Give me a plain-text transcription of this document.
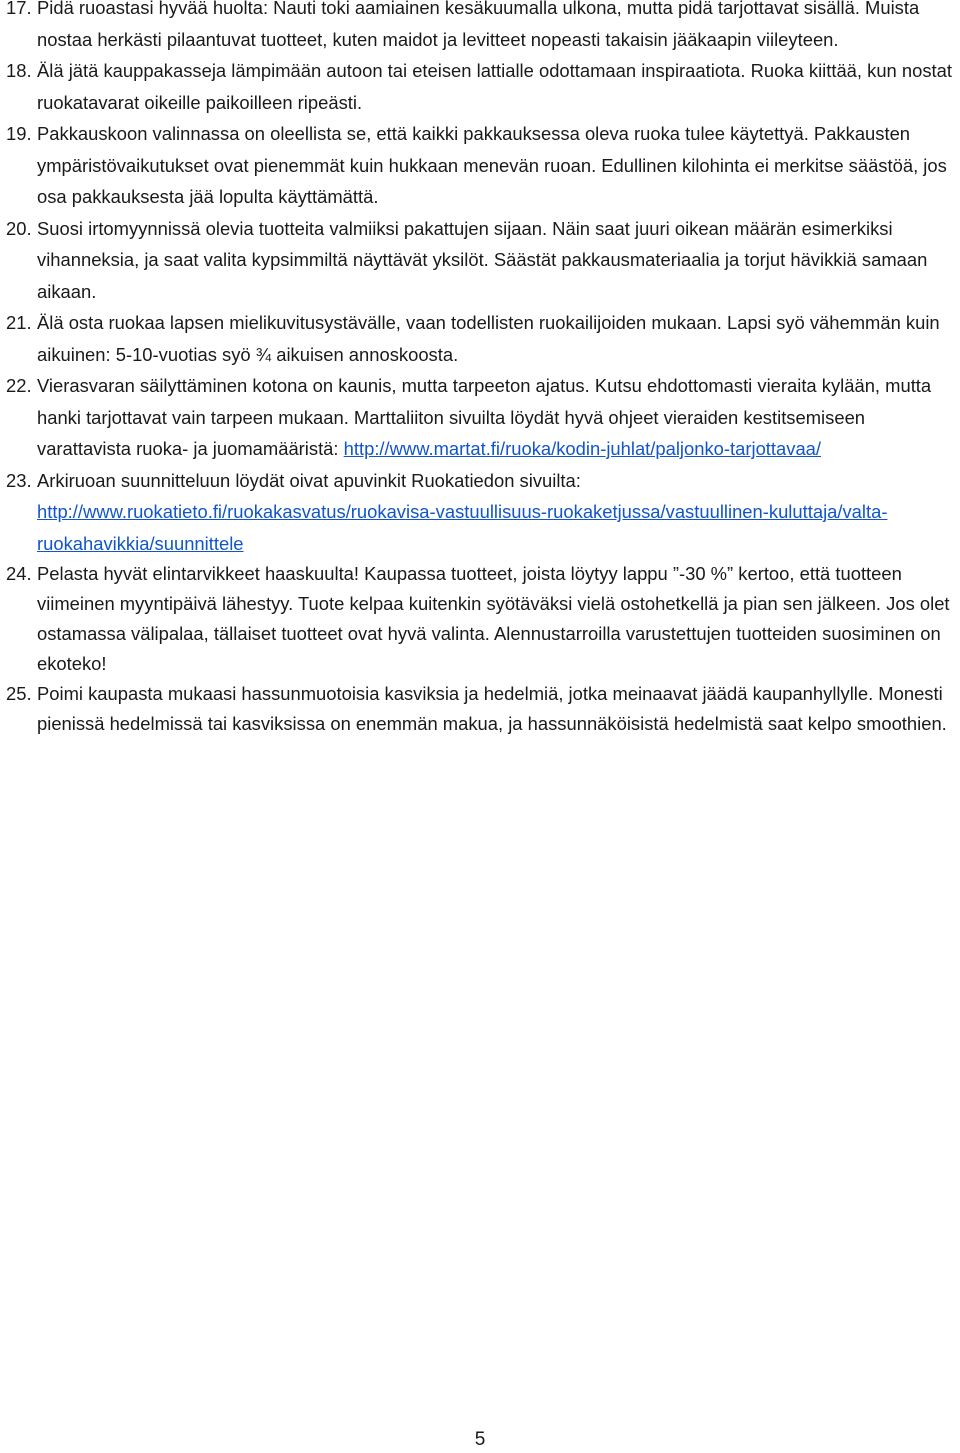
17. Pidä ruoastasi hyvää huolta: Nauti toki aamiainen kesäkuumalla ulkona, mutta pidä tarjottavat sisällä. Muista nostaa herkästi pilaantuvat tuotteet, kuten maidot ja levitteet nopeasti takaisin jääkaapin viileyteen.
18. Älä jätä kauppakasseja lämpimään autoon tai eteisen lattialle odottamaan inspiraatiota. Ruoka kiittää, kun nostat ruokatavarat oikeille paikoilleen ripeästi.
19. Pakkauskoon valinnassa on oleellista se, että kaikki pakkauksessa oleva ruoka tulee käytettyä. Pakkausten ympäristövaikutukset ovat pienemmät kuin hukkaan menevän ruoan. Edullinen kilohinta ei merkitse säästöä, jos osa pakkauksesta jää lopulta käyttämättä.
20. Suosi irtomyynnissä olevia tuotteita valmiiksi pakattujen sijaan. Näin saat juuri oikean määrän esimerkiksi vihanneksia, ja saat valita kypsimmiltä näyttävät yksilöt. Säästät pakkausmateriaalia ja torjut hävikkiä samaan aikaan.
21. Älä osta ruokaa lapsen mielikuvitusystävälle, vaan todellisten ruokailijoiden mukaan. Lapsi syö vähemmän kuin aikuinen: 5-10-vuotias syö ¾ aikuisen annoskoosta.
22. Vierasvaran säilyttäminen kotona on kaunis, mutta tarpeeton ajatus. Kutsu ehdottomasti vieraita kylään, mutta hanki tarjottavat vain tarpeen mukaan. Marttaliiton sivuilta löydät hyvä ohjeet vieraiden kestitsemiseen varattavista ruoka- ja juomamääristä: http://www.martat.fi/ruoka/kodin-juhlat/paljonko-tarjottavaa/
23. Arkiruoan suunnitteluun löydät oivat apuvinkit Ruokatiedon sivuilta: http://www.ruokatieto.fi/ruokakasvatus/ruokavisa-vastuullisuus-ruokaketjussa/vastuullinen-kuluttaja/valta-ruokahavikkia/suunnittele
24. Pelasta hyvät elintarvikkeet haaskuulta! Kaupassa tuotteet, joista löytyy lappu ”-30 %” kertoo, että tuotteen viimeinen myyntipäivä lähestyy. Tuote kelpaa kuitenkin syötäväksi vielä ostohetkellä ja pian sen jälkeen. Jos olet ostamassa välipalaa, tällaiset tuotteet ovat hyvä valinta. Alennustarroilla varustettujen tuotteiden suosiminen on ekoteko!
25. Poimi kaupasta mukaasi hassunmuotoisia kasviksia ja hedelmiä, jotka meinaavat jäädä kaupanhyllylle. Monesti pienissä hedelmissä tai kasviksissa on enemmän makua, ja hassunnäköisistä hedelmistä saat kelpo smoothien.
5
